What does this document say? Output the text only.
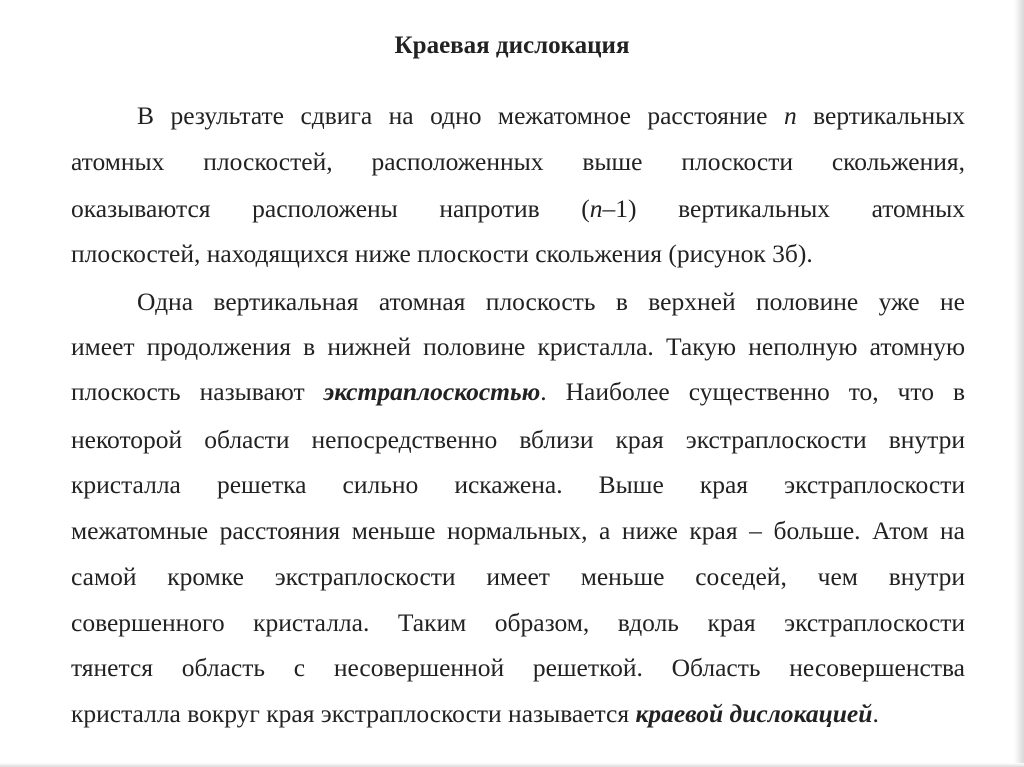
Краевая дислокация
В результате сдвига на одно межатомное расстояние n вертикальных
атомных плоскостей, расположенных выше плоскости скольжения,
оказываются расположены напротив (n–1) вертикальных атомных
плоскостей, находящихся ниже плоскости скольжения (рисунок 3б).
Одна вертикальная атомная плоскость в верхней половине уже не
имеет продолжения в нижней половине кристалла. Такую неполную атомную
плоскость называют экстраплоскостью. Наиболее существенно то, что в
некоторой области непосредственно вблизи края экстраплоскости внутри
кристалла решетка сильно искажена. Выше края экстраплоскости
межатомные расстояния меньше нормальных, а ниже края – больше. Атом на
самой кромке экстраплоскости имеет меньше соседей, чем внутри
совершенного кристалла. Таким образом, вдоль края экстраплоскости
тянется область с несовершенной решеткой. Область несовершенства
кристалла вокруг края экстраплоскости называется краевой дислокацией.
